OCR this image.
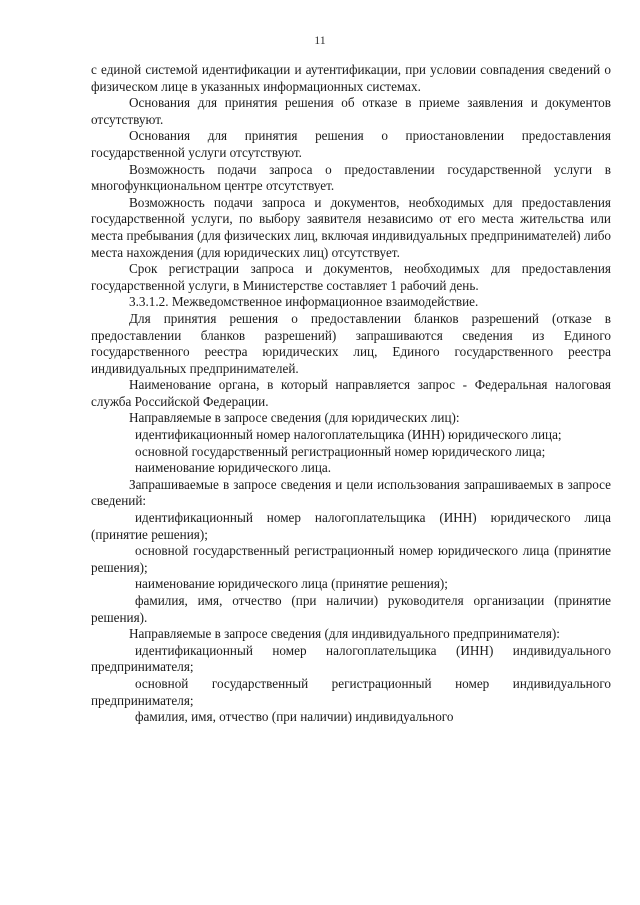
11

с единой системой идентификации и аутентификации, при условии совпадения сведений о физическом лице в указанных информационных системах.

Основания для принятия решения об отказе в приеме заявления и документов отсутствуют.

Основания для принятия решения о приостановлении предоставления государственной услуги отсутствуют.

Возможность подачи запроса о предоставлении государственной услуги в многофункциональном центре отсутствует.

Возможность подачи запроса и документов, необходимых для предоставления государственной услуги, по выбору заявителя независимо от его места жительства или места пребывания (для физических лиц, включая индивидуальных предпринимателей) либо места нахождения (для юридических лиц) отсутствует.

Срок регистрации запроса и документов, необходимых для предоставления государственной услуги, в Министерстве составляет 1 рабочий день.

3.3.1.2. Межведомственное информационное взаимодействие.

Для принятия решения о предоставлении бланков разрешений (отказе в предоставлении бланков разрешений) запрашиваются сведения из Единого государственного реестра юридических лиц, Единого государственного реестра индивидуальных предпринимателей.

Наименование органа, в который направляется запрос - Федеральная налоговая служба Российской Федерации.

Направляемые в запросе сведения (для юридических лиц):

идентификационный номер налогоплательщика (ИНН) юридического лица;

основной государственный регистрационный номер юридического лица;

наименование юридического лица.

Запрашиваемые в запросе сведения и цели использования запрашиваемых в запросе сведений:

идентификационный номер налогоплательщика (ИНН) юридического лица (принятие решения);

основной государственный регистрационный номер юридического лица (принятие решения);

наименование юридического лица (принятие решения);

фамилия, имя, отчество (при наличии) руководителя организации (принятие решения).

Направляемые в запросе сведения (для индивидуального предпринимателя):

идентификационный номер налогоплательщика (ИНН) индивидуального предпринимателя;

основной государственный регистрационный номер индивидуального предпринимателя;

фамилия, имя, отчество (при наличии) индивидуального
